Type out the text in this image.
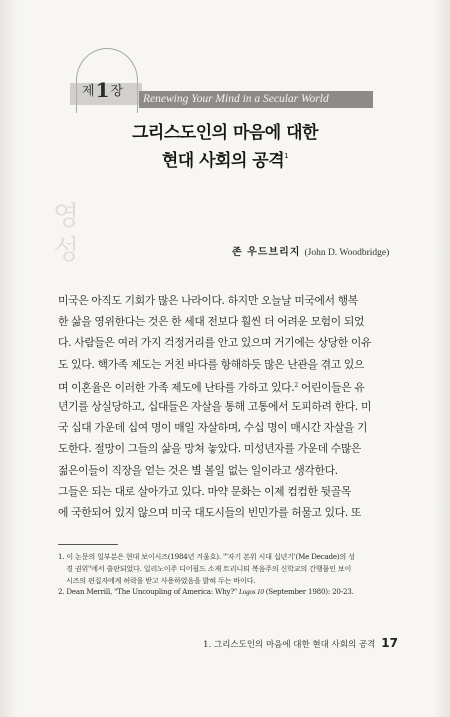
제1장 Renewing Your Mind in a Secular World
그리스도인의 마음에 대한
현대 사회의 공격$^1$
영
성	존 우드브리지 (John D. Woodbridge)
미국은 아직도 기회가 많은 나라이다. 하지만 오늘날 미국에서 행복
한 삶을 영위한다는 것은 한 세대 전보다 훨씬 더 어려운 모험이 되었
다. 사람들은 여러 가지 걱정거리를 안고 있으며 거기에는 상당한 이유
도 있다. 핵가족 제도는 거친 바다를 항해하듯 많은 난관을 겪고 있으
며 이혼율은 이러한 가족 제도에 난타를 가하고 있다.$^2$ 어린이들은 유
년기를 상실당하고, 십대들은 자살을 통해 고통에서 도피하려 한다. 미
국 십대 가운데 십여 명이 매일 자살하며, 수십 명이 매시간 자살을 기
도한다. 절망이 그들의 삶을 망쳐 놓았다. 미성년자를 가운데 수많은
젊은이들이 직장을 얻는 것은 별 볼일 없는 일이라고 생각한다.
그들은 되는 대로 살아가고 있다. 마약 문화는 이제 컴컴한 뒷골목
에 국한되어 있지 않으며 미국 대도시들의 빈민가를 허물고 있다. 또
1. 이 논문의 일부분은 현대 보이시즈(1984년 겨울호). "'자기 본위 시대 십년기'(Me Decade)의 성
경 권위"에서 출판되었다. 일리노이주 디어필드 소재 트리니티 복음주의 신학교의 간행물인 보이
시즈의 편집자에게 허락을 받고 사용하였음을 밝혀 두는 바이다.
2. Dean Merrill, "The Uncoupling of America: Why?" Logos 10 (September 1980): 20-23.
1. 그리스도인의 마음에 대한 현대 사회의 공격 17
